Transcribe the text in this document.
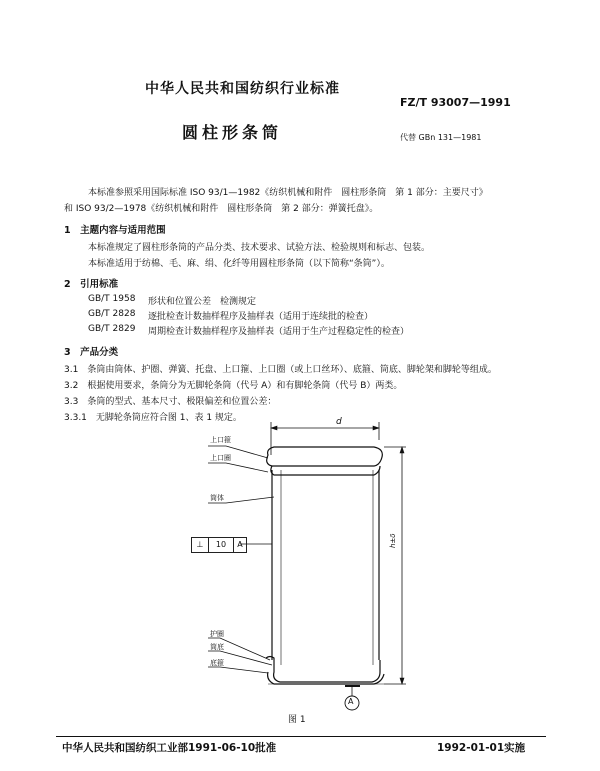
中华人民共和国纺织行业标准
FZ/T 93007—1991
圆柱形条筒	代替 GBn 131—1981
本标准参照采用国际标准 ISO 93/1—1982《纺织机械和附件　圆柱形条筒　第 1 部分：主要尺寸》
和 ISO 93/2—1978《纺织机械和附件　圆柱形条筒　第 2 部分：弹簧托盘》。
1　主题内容与适用范围
本标准规定了圆柱形条筒的产品分类、技术要求、试验方法、检验规则和标志、包装。
本标准适用于纺棉、毛、麻、绢、化纤等用圆柱形条筒（以下简称“条筒”）。
2　引用标准
GB/T 1958 形状和位置公差　检测规定
GB/T 2828 逐批检查计数抽样程序及抽样表（适用于连续批的检查）
GB/T 2829 周期检查计数抽样程序及抽样表（适用于生产过程稳定性的检查）
3　产品分类
3.1　条筒由筒体、护圈、弹簧、托盘、上口箍、上口圈（或上口丝环）、底箍、筒底、脚轮架和脚轮等组成。
3.2　根据使用要求，条筒分为无脚轮条筒（代号 A）和有脚轮条筒（代号 B）两类。
3.3　条筒的型式、基本尺寸、极限偏差和位置公差：
3.3.1　无脚轮条筒应符合图 1、表 1 规定。	d
上口箍
上口圈
筒体
护圈
筒底
底箍
h±δ
⊥	10	A
A
图 1
中华人民共和国纺织工业部1991-06-10批准	1992-01-01实施
